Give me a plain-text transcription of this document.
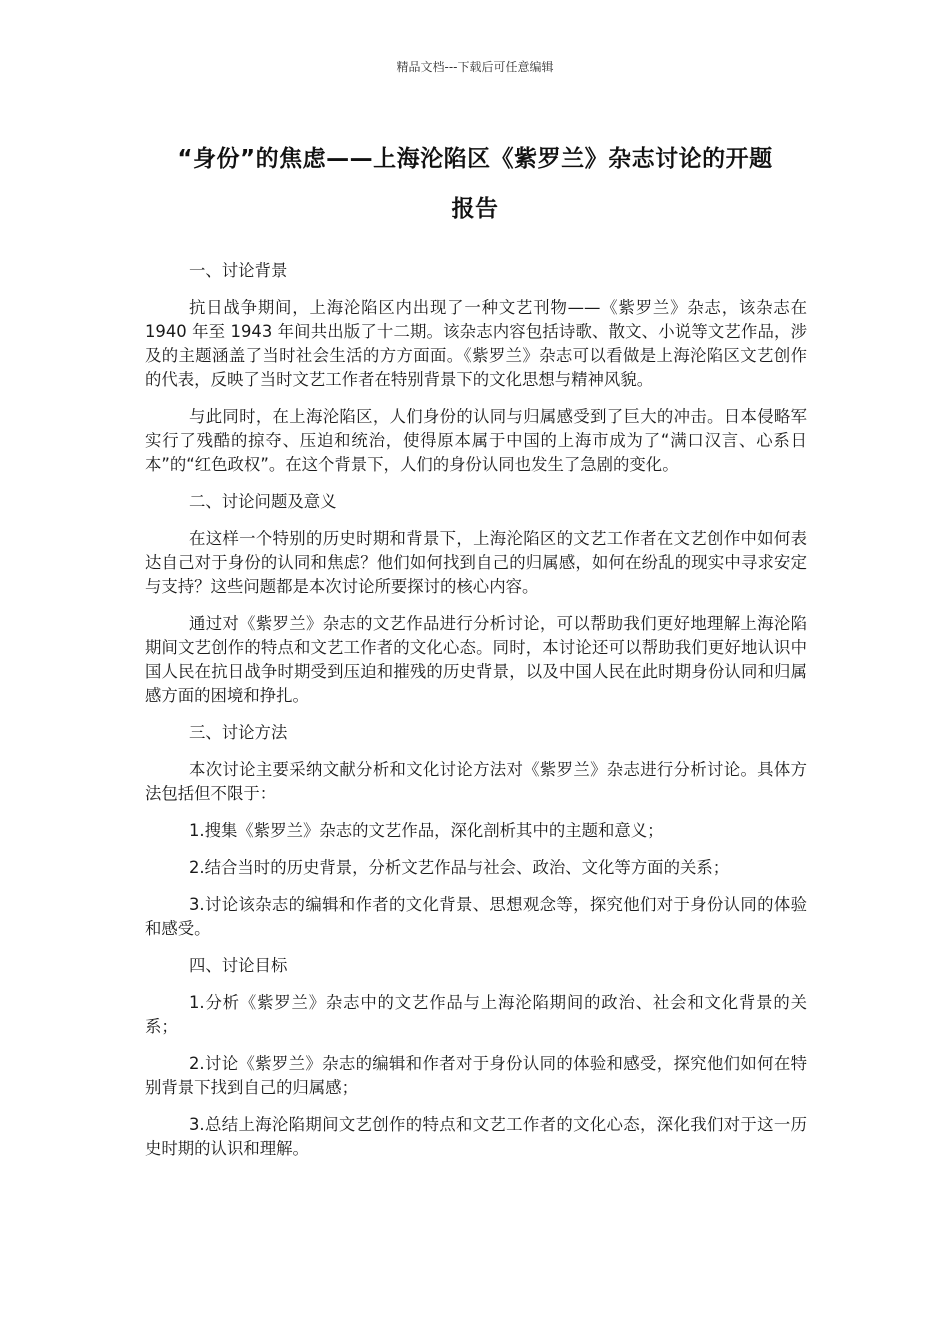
精品文档---下载后可任意编辑
“身份”的焦虑——上海沦陷区《紫罗兰》杂志讨论的开题
报告

一、讨论背景

抗日战争期间，上海沦陷区内出现了一种文艺刊物——《紫罗兰》杂志，该杂志在 1940 年至 1943 年间共出版了十二期。该杂志内容包括诗歌、散文、小说等文艺作品，涉及的主题涵盖了当时社会生活的方方面面。《紫罗兰》杂志可以看做是上海沦陷区文艺创作的代表，反映了当时文艺工作者在特别背景下的文化思想与精神风貌。

与此同时，在上海沦陷区，人们身份的认同与归属感受到了巨大的冲击。日本侵略军实行了残酷的掠夺、压迫和统治，使得原本属于中国的上海市成为了“满口汉言、心系日本”的“红色政权”。在这个背景下，人们的身份认同也发生了急剧的变化。

二、讨论问题及意义

在这样一个特别的历史时期和背景下，上海沦陷区的文艺工作者在文艺创作中如何表达自己对于身份的认同和焦虑？他们如何找到自己的归属感，如何在纷乱的现实中寻求安定与支持？这些问题都是本次讨论所要探讨的核心内容。

通过对《紫罗兰》杂志的文艺作品进行分析讨论，可以帮助我们更好地理解上海沦陷期间文艺创作的特点和文艺工作者的文化心态。同时，本讨论还可以帮助我们更好地认识中国人民在抗日战争时期受到压迫和摧残的历史背景，以及中国人民在此时期身份认同和归属感方面的困境和挣扎。

三、讨论方法

本次讨论主要采纳文献分析和文化讨论方法对《紫罗兰》杂志进行分析讨论。具体方法包括但不限于：

1.搜集《紫罗兰》杂志的文艺作品，深化剖析其中的主题和意义；

2.结合当时的历史背景，分析文艺作品与社会、政治、文化等方面的关系；

3.讨论该杂志的编辑和作者的文化背景、思想观念等，探究他们对于身份认同的体验和感受。

四、讨论目标

1.分析《紫罗兰》杂志中的文艺作品与上海沦陷期间的政治、社会和文化背景的关系；

2.讨论《紫罗兰》杂志的编辑和作者对于身份认同的体验和感受，探究他们如何在特别背景下找到自己的归属感；

3.总结上海沦陷期间文艺创作的特点和文艺工作者的文化心态，深化我们对于这一历史时期的认识和理解。
